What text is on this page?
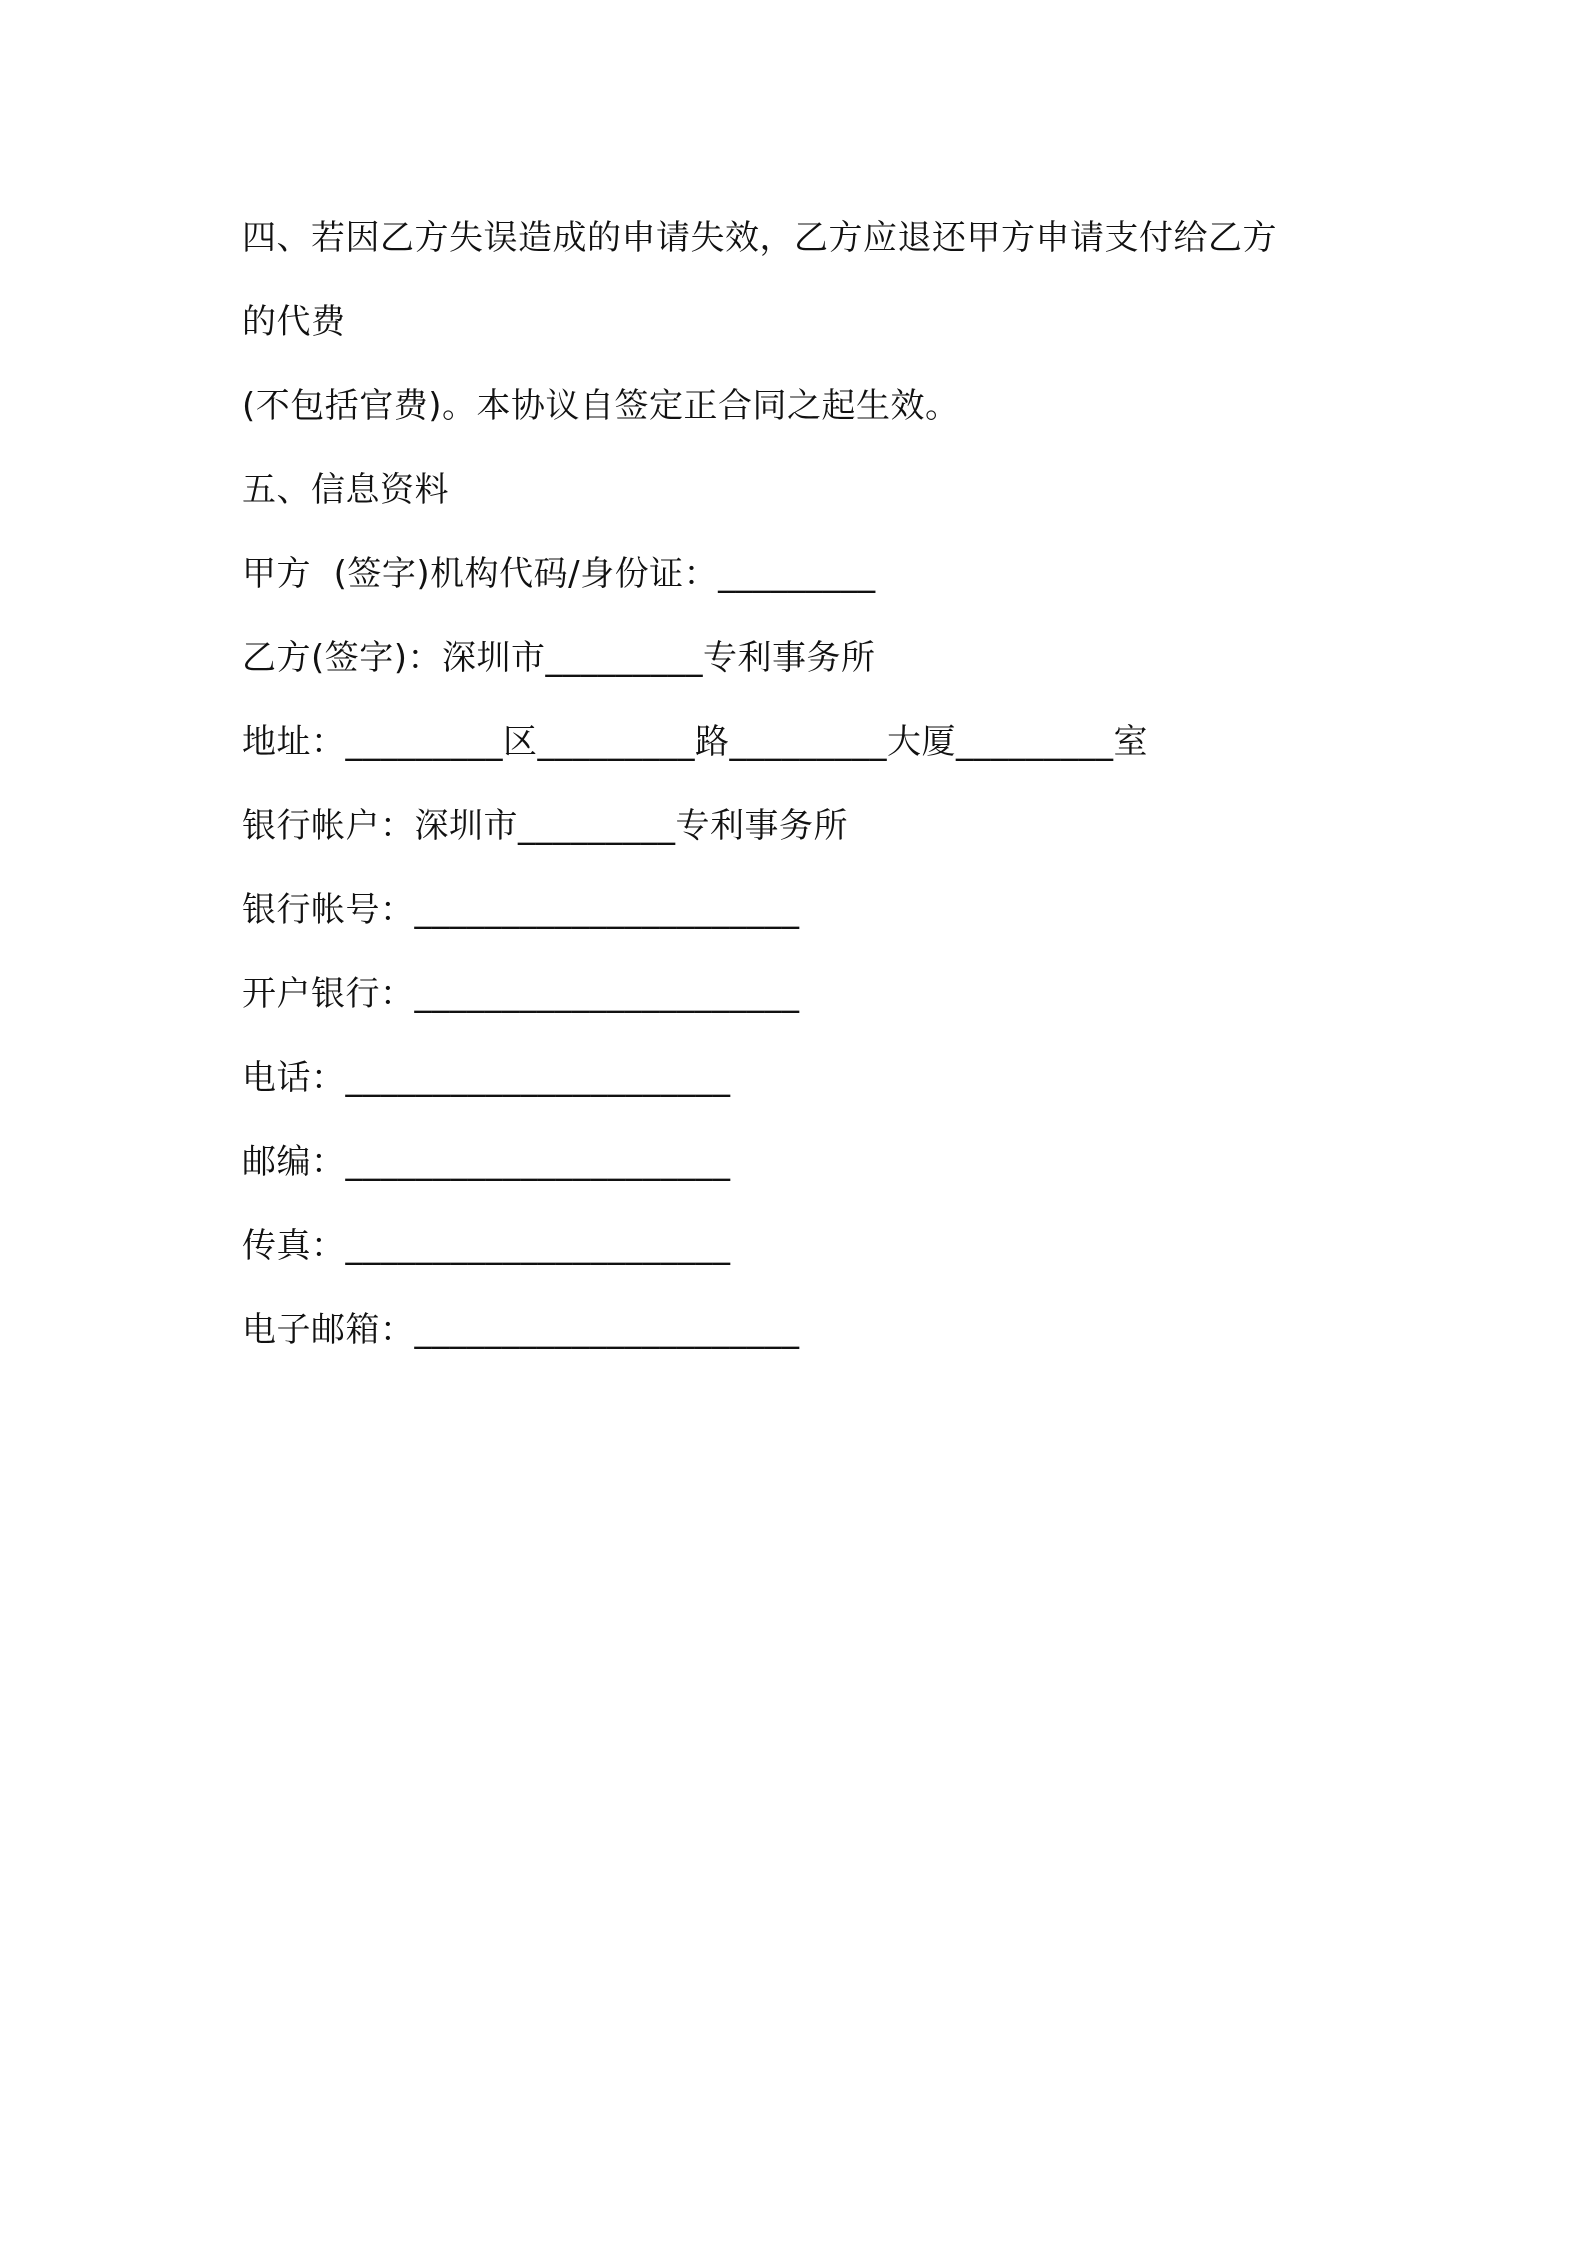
四、若因乙方失误造成的申请失效，乙方应退还甲方申请支付给乙方
的代费
(不包括官费)。本协议自签定正合同之起生效。
五、信息资料
甲方  (签字)机构代码/身份证：_________
乙方(签字)：深圳市_________专利事务所
地址：_________区_________路_________大厦_________室
银行帐户：深圳市_________专利事务所
银行帐号：______________________
开户银行：______________________
电话：______________________
邮编：______________________
传真：______________________
电子邮箱：______________________
